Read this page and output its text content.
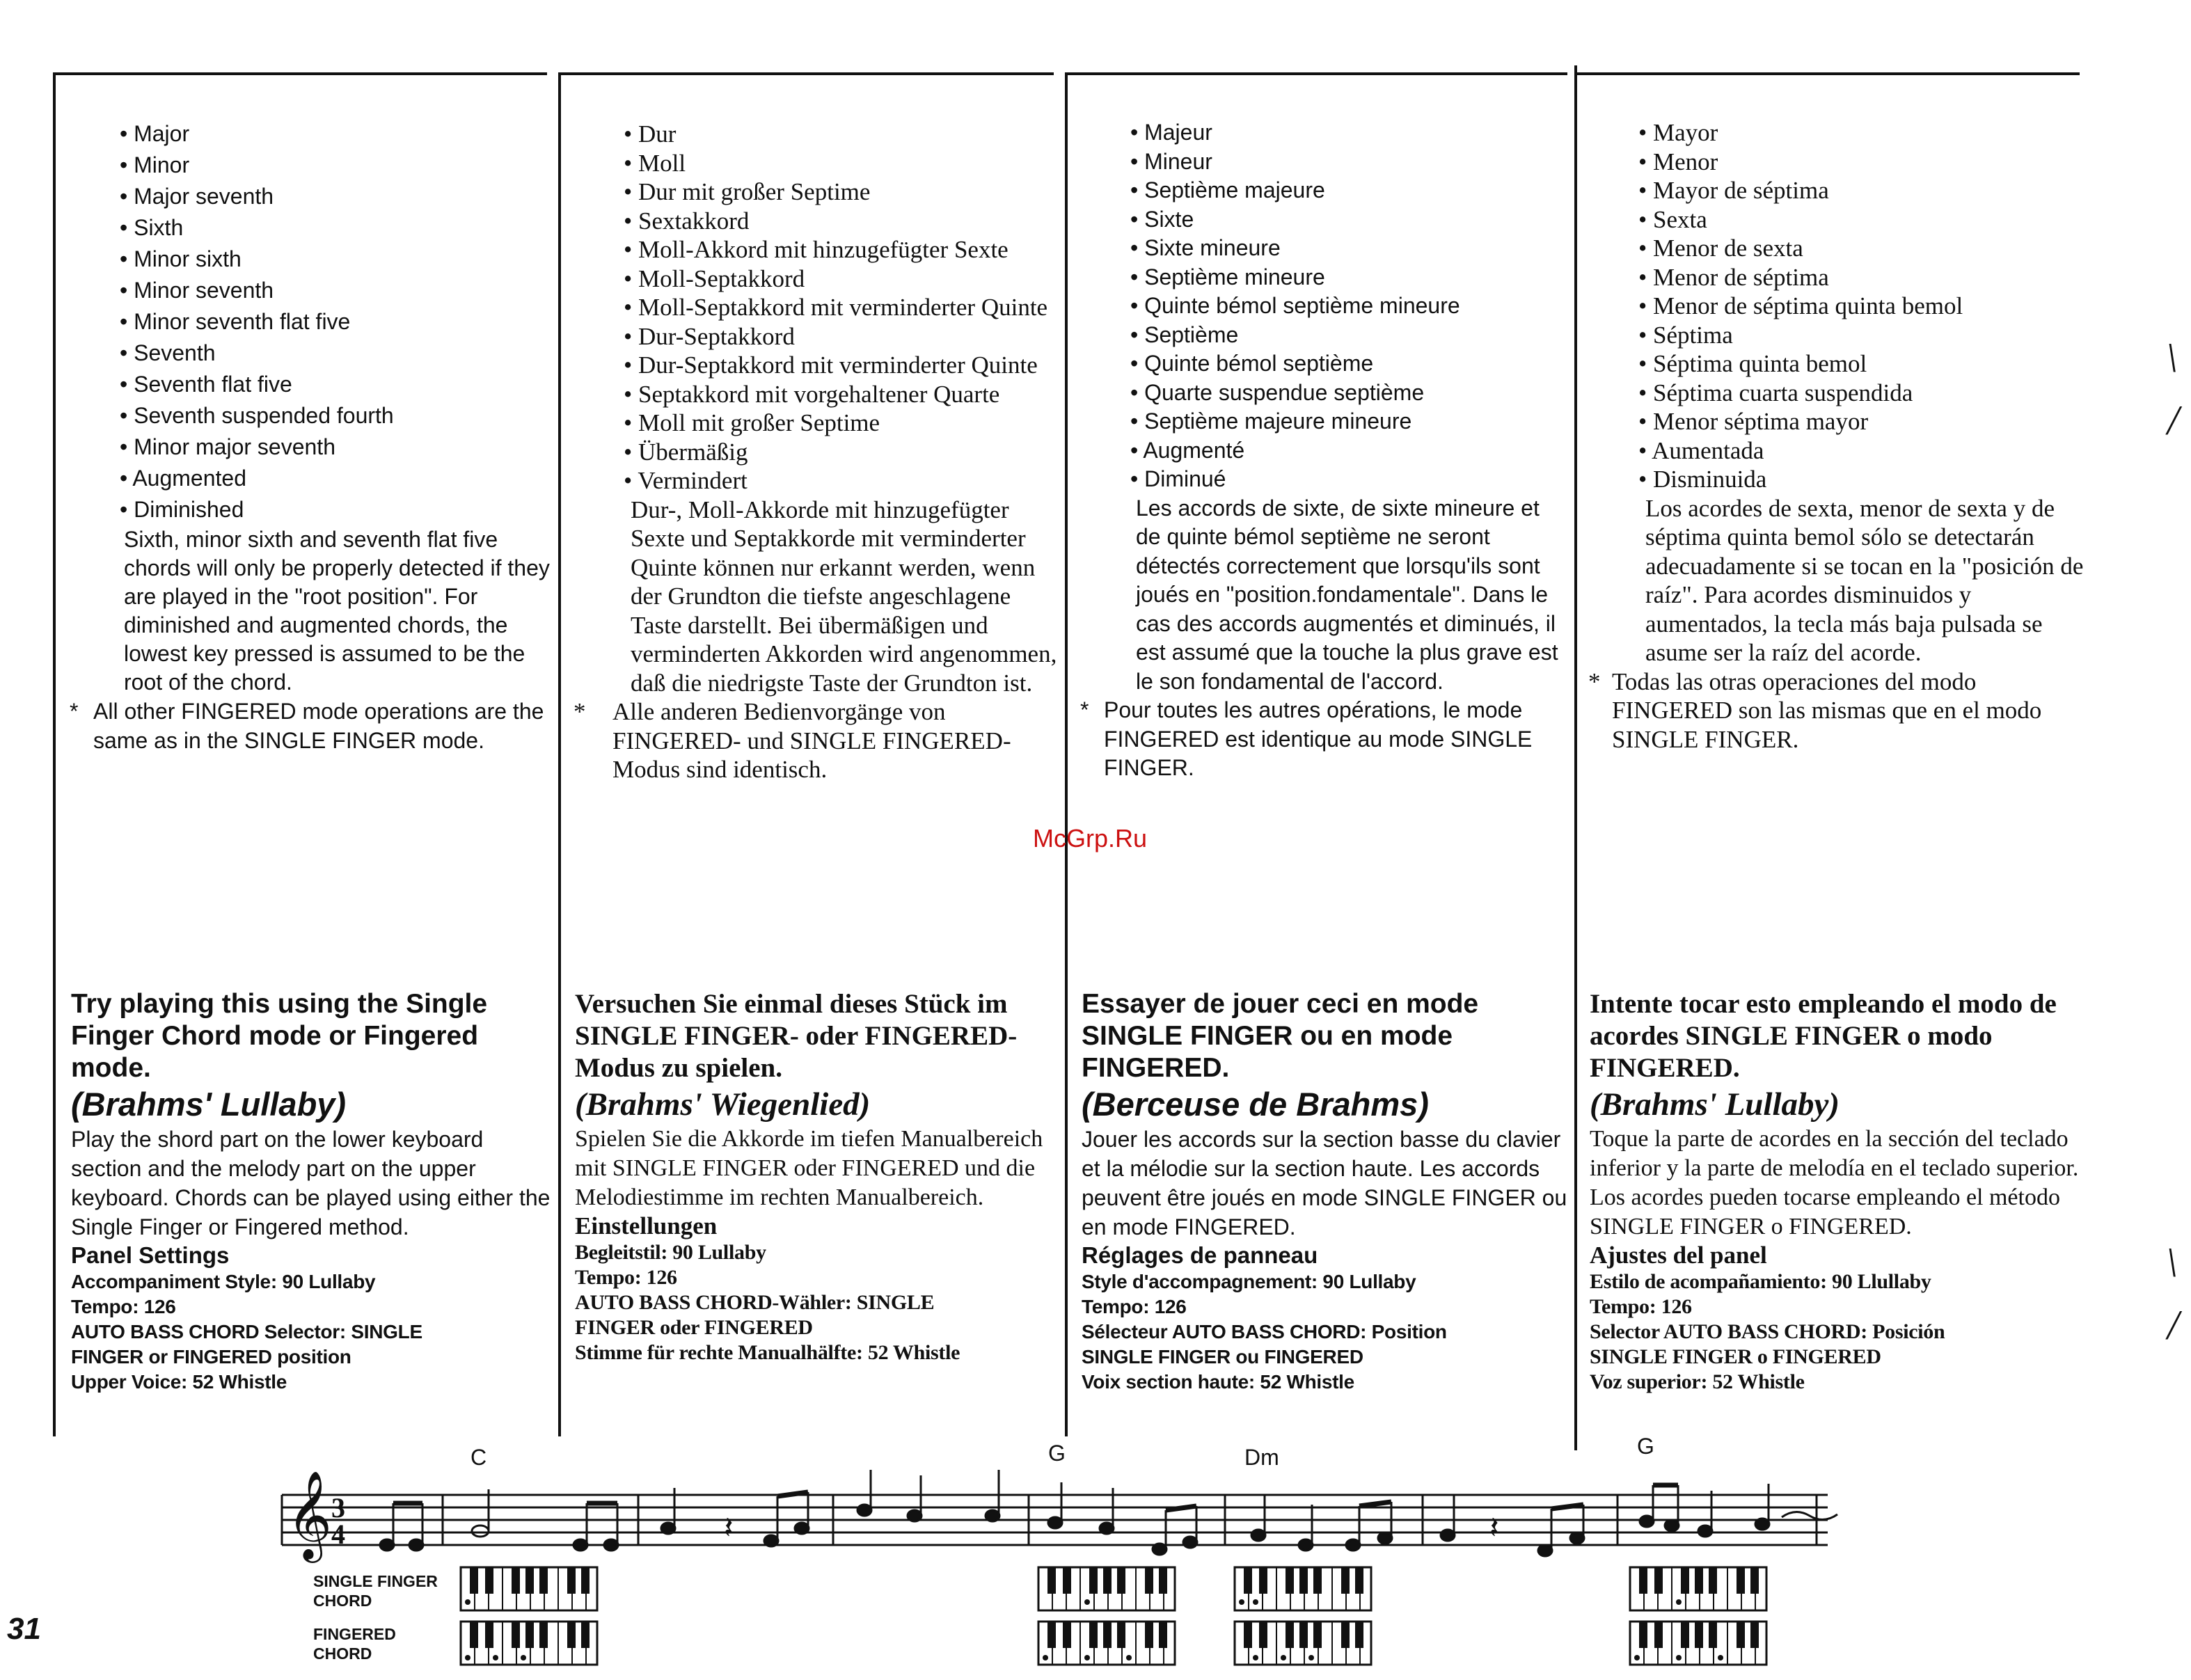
• Major
• Minor
• Major seventh
• Sixth
• Minor sixth
• Minor seventh
• Minor seventh flat five
• Seventh
• Seventh flat five
• Seventh suspended fourth
• Minor major seventh
• Augmented
• Diminished

Sixth, minor sixth and seventh flat five chords will only be properly detected if they are played in the "root position". For diminished and augmented chords, the lowest key pressed is assumed to be the root of the chord.

* All other FINGERED mode operations are the same as in the SINGLE FINGER mode.

• Dur
• Moll
• Dur mit großer Septime
• Sextakkord
• Moll-Akkord mit hinzugefügter Sexte
• Moll-Septakkord
• Moll-Septakkord mit verminderter Quinte
• Dur-Septakkord
• Dur-Septakkord mit verminderter Quinte
• Septakkord mit vorgehaltener Quarte
• Moll mit großer Septime
• Übermäßig
• Vermindert

Dur-, Moll-Akkorde mit hinzugefügter Sexte und Septakkorde mit verminderter Quinte können nur erkannt werden, wenn der Grundton die tiefste angeschlagene Taste darstellt. Bei übermäßigen und verminderten Akkorden wird angenommen, daß die niedrigste Taste der Grundton ist.

* Alle anderen Bedienvorgänge von FINGERED- und SINGLE FINGERED-Modus sind identisch.

• Majeur
• Mineur
• Septième majeure
• Sixte
• Sixte mineure
• Septième mineure
• Quinte bémol septième mineure
• Septième
• Quinte bémol septième
• Quarte suspendue septième
• Septième majeure mineure
• Augmenté
• Diminué

Les accords de sixte, de sixte mineure et de quinte bémol septième ne seront détectés correctement que lorsqu'ils sont joués en "position.fondamentale". Dans le cas des accords augmentés et diminués, il est assumé que la touche la plus grave est le son fondamental de l'accord.

* Pour toutes les autres opérations, le mode FINGERED est identique au mode SINGLE FINGER.

• Mayor
• Menor
• Mayor de séptima
• Sexta
• Menor de sexta
• Menor de séptima
• Menor de séptima quinta bemol
• Séptima
• Séptima quinta bemol
• Séptima cuarta suspendida
• Menor séptima mayor
• Aumentada
• Disminuida

Los acordes de sexta, menor de sexta y de séptima quinta bemol sólo se detectarán adecuadamente si se tocan en la "posición de raíz". Para acordes disminuidos y aumentados, la tecla más baja pulsada se asume ser la raíz del acorde.

* Todas las otras operaciones del modo FINGERED son las mismas que en el modo SINGLE FINGER.

McGrp.Ru
Try playing this using the Single Finger Chord mode or Fingered mode.
(Brahms' Lullaby)

Play the shord part on the lower keyboard section and the melody part on the upper keyboard. Chords can be played using either the Single Finger or Fingered method.

Panel Settings

Accompaniment Style: 90 Lullaby

Tempo: 126

AUTO BASS CHORD Selector: SINGLE

FINGER or FINGERED position

Upper Voice: 52 Whistle

Versuchen Sie einmal dieses Stück im SINGLE FINGER- oder FINGERED-Modus zu spielen.
(Brahms' Wiegenlied)

Spielen Sie die Akkorde im tiefen Manualbereich mit SINGLE FINGER oder FINGERED und die Melodiestimme im rechten Manualbereich.

Einstellungen

Begleitstil: 90 Lullaby

Tempo: 126

AUTO BASS CHORD-Wähler: SINGLE

FINGER oder FINGERED

Stimme für rechte Manualhälfte: 52 Whistle

Essayer de jouer ceci en mode SINGLE FINGER ou en mode FINGERED.
(Berceuse de Brahms)

Jouer les accords sur la section basse du clavier et la mélodie sur la section haute. Les accords peuvent être joués en mode SINGLE FINGER ou en mode FINGERED.

Réglages de panneau

Style d'accompagnement: 90 Lullaby

Tempo: 126

Sélecteur AUTO BASS CHORD: Position

SINGLE FINGER ou FINGERED

Voix section haute: 52 Whistle

Intente tocar esto empleando el modo de acordes SINGLE FINGER o modo FINGERED.
(Brahms' Lullaby)

Toque la parte de acordes en la sección del teclado inferior y la parte de melodía en el teclado superior. Los acordes pueden tocarse empleando el método SINGLE FINGER o FINGERED.

Ajustes del panel

Estilo de acompañamiento: 90 Llullaby

Tempo: 126

Selector AUTO BASS CHORD: Posición

SINGLE FINGER o FINGERED

Voz superior: 52 Whistle

C	G	Dm	G
𝄞
3
4	𝄽	𝄽
SINGLE FINGER
CHORD
FINGERED
CHORD
31
\
/
\
/
